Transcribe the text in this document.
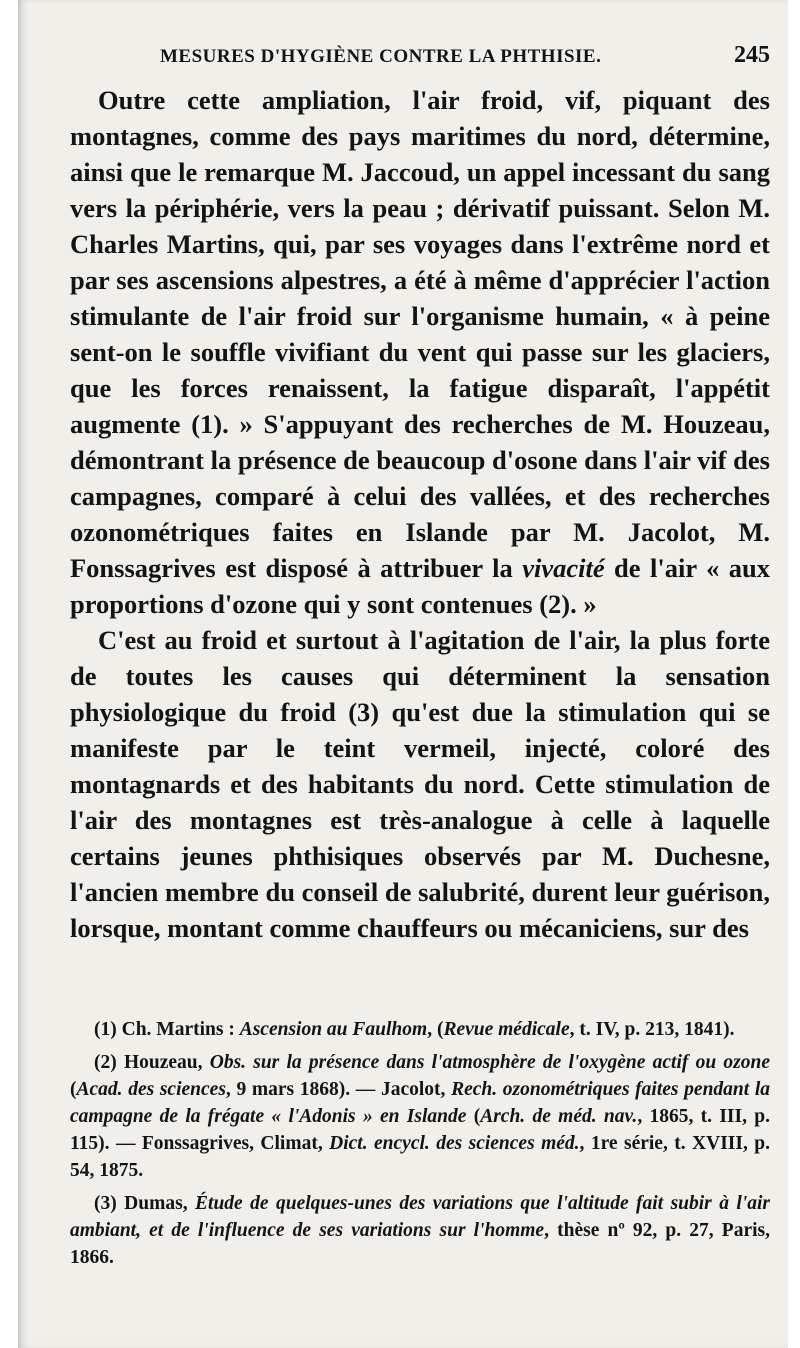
MESURES D'HYGIÈNE CONTRE LA PHTHISIE.	245

Outre cette ampliation, l'air froid, vif, piquant des montagnes, comme des pays maritimes du nord, détermine, ainsi que le remarque M. Jaccoud, un appel incessant du sang vers la périphérie, vers la peau ; dérivatif puissant. Selon M. Charles Martins, qui, par ses voyages dans l'extrême nord et par ses ascensions alpestres, a été à même d'apprécier l'action stimulante de l'air froid sur l'organisme humain, « à peine sent-on le souffle vivifiant du vent qui passe sur les glaciers, que les forces renaissent, la fatigue disparaît, l'appétit augmente (1). » S'appuyant des recherches de M. Houzeau, démontrant la présence de beaucoup d'osone dans l'air vif des campagnes, comparé à celui des vallées, et des recherches ozonométriques faites en Islande par M. Jacolot, M. Fonssagrives est disposé à attribuer la vivacité de l'air « aux proportions d'ozone qui y sont contenues (2). »

C'est au froid et surtout à l'agitation de l'air, la plus forte de toutes les causes qui déterminent la sensation physiologique du froid (3) qu'est due la stimulation qui se manifeste par le teint vermeil, injecté, coloré des montagnards et des habitants du nord. Cette stimulation de l'air des montagnes est très-analogue à celle à laquelle certains jeunes phthisiques observés par M. Duchesne, l'ancien membre du conseil de salubrité, durent leur guérison, lorsque, montant comme chauffeurs ou mécaniciens, sur des

(1) Ch. Martins : Ascension au Faulhom, (Revue médicale, t. IV, p. 213, 1841).

(2) Houzeau, Obs. sur la présence dans l'atmosphère de l'oxygène actif ou ozone (Acad. des sciences, 9 mars 1868). — Jacolot, Rech. ozonométriques faites pendant la campagne de la frégate « l'Adonis » en Islande (Arch. de méd. nav., 1865, t. III, p. 115). — Fonssagrives, Climat, Dict. encycl. des sciences méd., 1re série, t. XVIII, p. 54, 1875.

(3) Dumas, Étude de quelques-unes des variations que l'altitude fait subir à l'air ambiant, et de l'influence de ses variations sur l'homme, thèse nº 92, p. 27, Paris, 1866.
